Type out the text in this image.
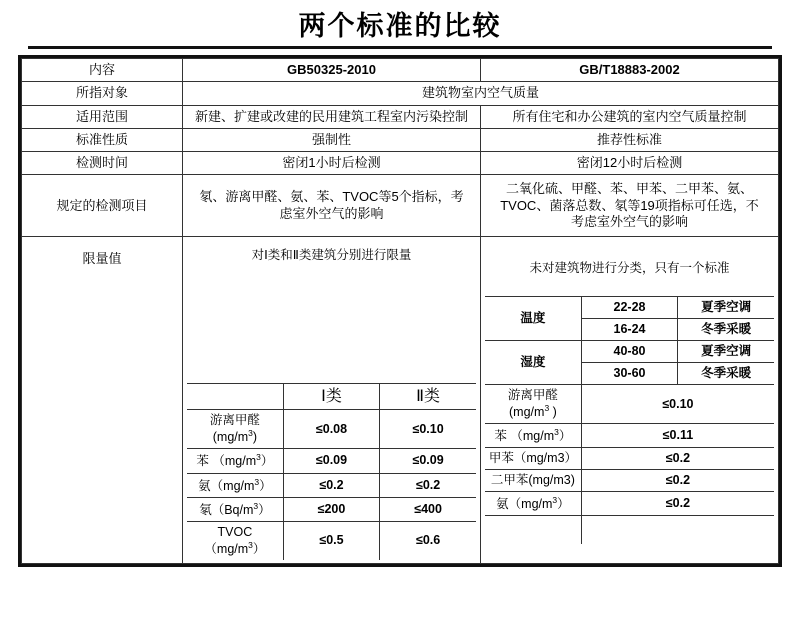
两个标准的比较
内容	GB50325-2010	GB/T18883-2002
所指对象	建筑物室内空气质量
适用范围	新建、扩建或改建的民用建筑工程室内污染控制	所有住宅和办公建筑的室内空气质量控制
标准性质	强制性	推荐性标准
检测时间	密闭1小时后检测	密闭12小时后检测
规定的检测项目	氡、游离甲醛、氨、苯、TVOC等5个指标，考虑室外空气的影响	二氧化硫、甲醛、苯、甲苯、二甲苯、氨、TVOC、菌落总数、氡等19项指标可任选，不考虑室外空气的影响
限量值		对Ⅰ类和Ⅱ类建筑分别进行限量
	Ⅰ类	Ⅱ类
游离甲醛 $(mg/m^3)$	≤0.08	≤0.10
苯 $(mg/m^3)$	≤0.09	≤0.09
氨$(mg/m^3)$	≤0.2	≤0.2
氡$(Bq/m^3)$	≤200	≤400
TVOC $(mg/m^3)$	≤0.5	≤0.6

未对建筑物进行分类，只有一个标准
温度	22-28	夏季空调
16-24	冬季采暖
湿度	40-80	夏季空调
30-60	冬季采暖
游离甲醛 ($mg/m^3$ )	≤0.10
苯 $(mg/m^3)$	≤0.11
甲苯（mg/m3）	≤0.2
二甲苯(mg/m3)	≤0.2
氨$(mg/m^3)$	≤0.2
